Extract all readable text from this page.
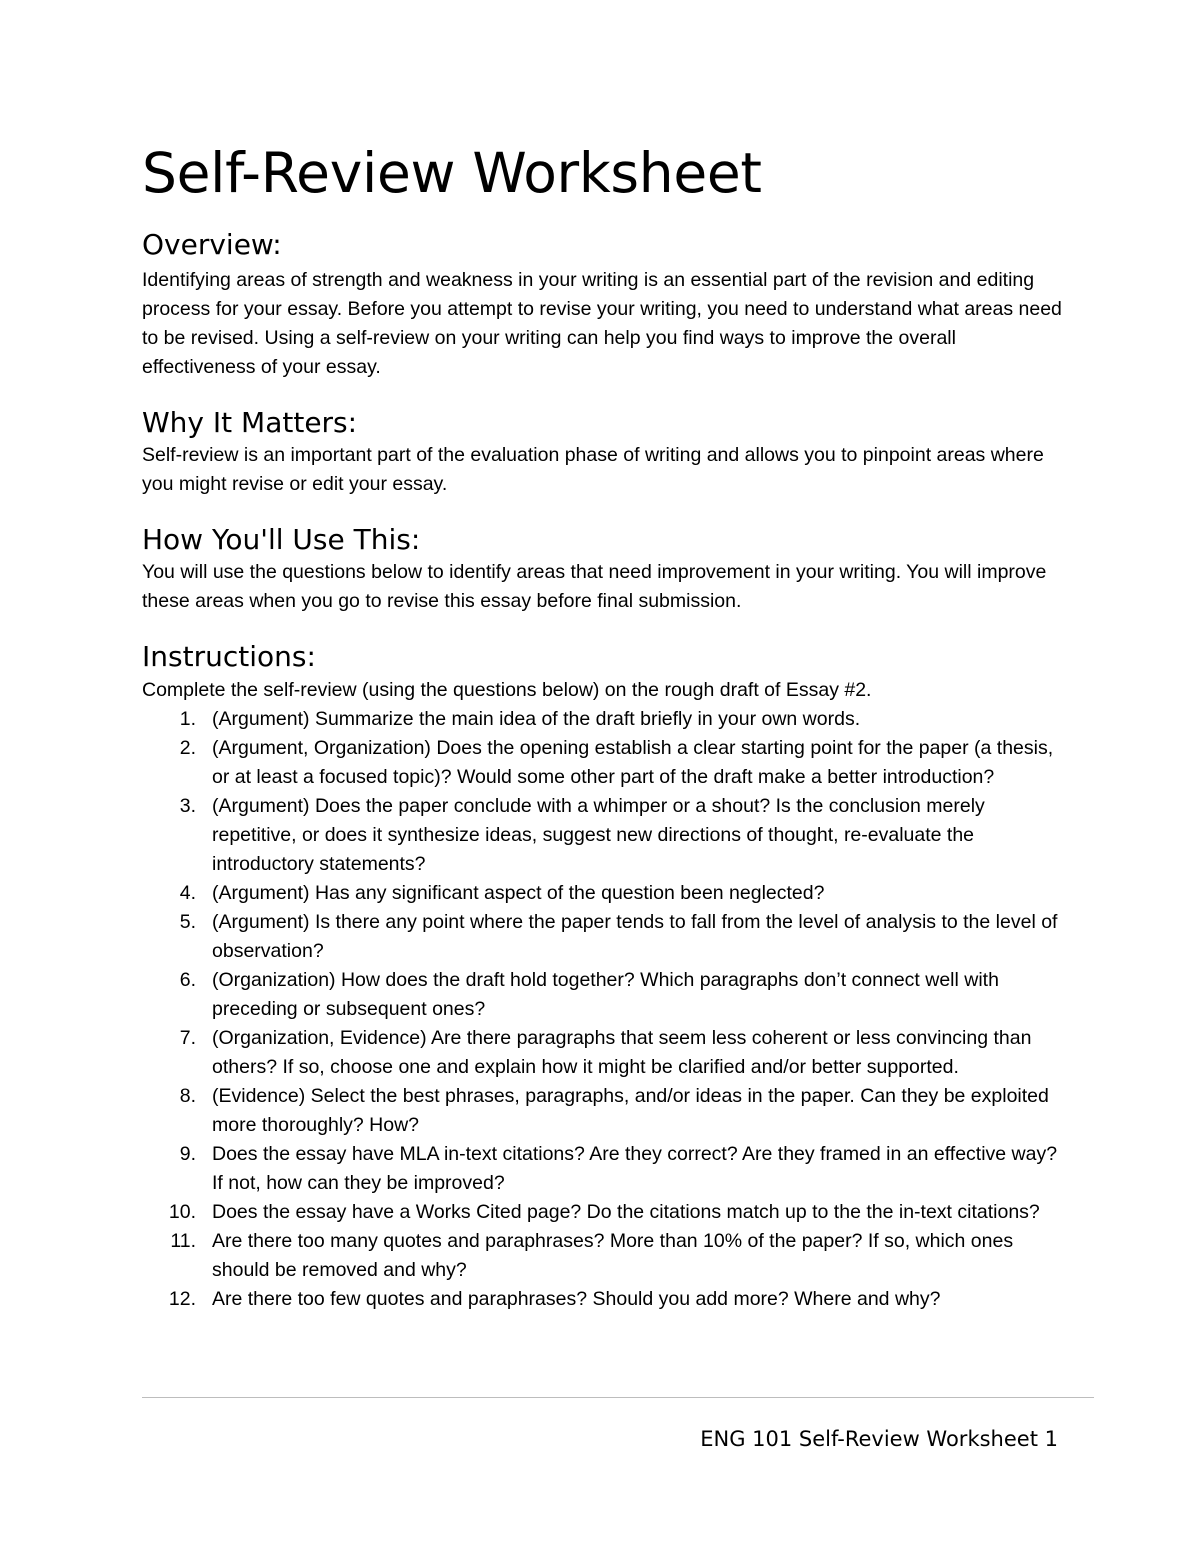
Self-Review Worksheet
Overview:

Identifying areas of strength and weakness in your writing is an essential part of the revision and editing process for your essay. Before you attempt to revise your writing, you need to understand what areas need to be revised. Using a self-review on your writing can help you find ways to improve the overall effectiveness of your essay.

Why It Matters:

Self-review is an important part of the evaluation phase of writing and allows you to pinpoint areas where you might revise or edit your essay.

How You'll Use This:

You will use the questions below to identify areas that need improvement in your writing. You will improve these areas when you go to revise this essay before final submission.

Instructions:

Complete the self-review (using the questions below) on the rough draft of Essay #2.

1. (Argument) Summarize the main idea of the draft briefly in your own words.
2. (Argument, Organization) Does the opening establish a clear starting point for the paper (a thesis, or at least a focused topic)? Would some other part of the draft make a better introduction?
3. (Argument) Does the paper conclude with a whimper or a shout? Is the conclusion merely repetitive, or does it synthesize ideas, suggest new directions of thought, re-evaluate the introductory statements?
4. (Argument) Has any significant aspect of the question been neglected?
5. (Argument) Is there any point where the paper tends to fall from the level of analysis to the level of observation?
6. (Organization) How does the draft hold together? Which paragraphs don’t connect well with preceding or subsequent ones?
7. (Organization, Evidence) Are there paragraphs that seem less coherent or less convincing than others? If so, choose one and explain how it might be clarified and/or better supported.
8. (Evidence) Select the best phrases, paragraphs, and/or ideas in the paper. Can they be exploited more thoroughly? How?
9. Does the essay have MLA in-text citations? Are they correct? Are they framed in an effective way? If not, how can they be improved?
10. Does the essay have a Works Cited page? Do the citations match up to the the in-text citations?
11. Are there too many quotes and paraphrases? More than 10% of the paper? If so, which ones should be removed and why?
12. Are there too few quotes and paraphrases? Should you add more? Where and why?

ENG 101 Self-Review Worksheet 1
